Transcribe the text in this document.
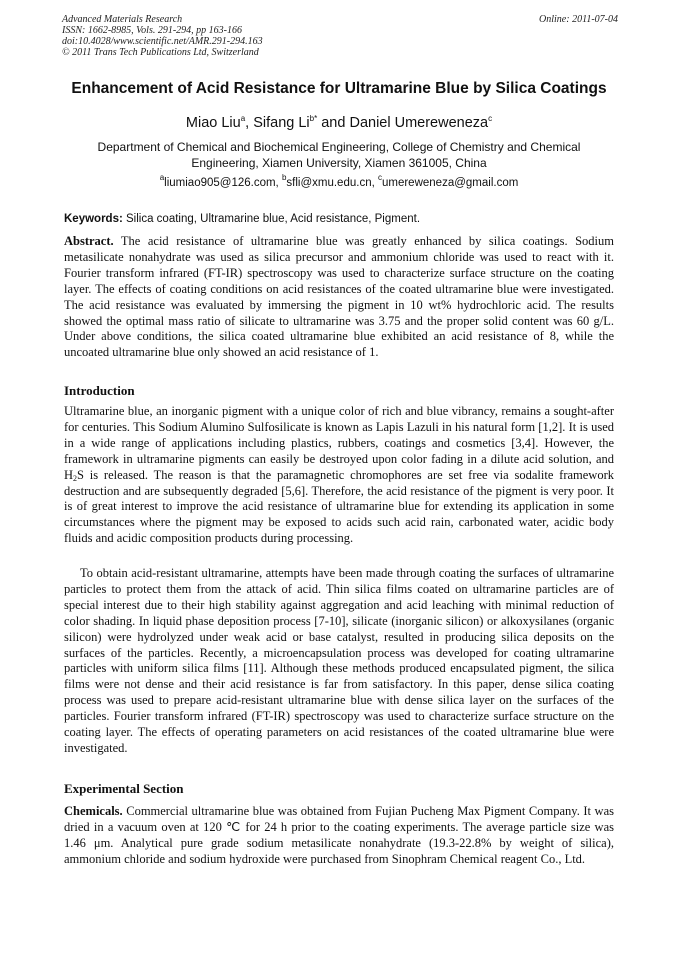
Advanced Materials Research
ISSN: 1662-8985, Vols. 291-294, pp 163-166
doi:10.4028/www.scientific.net/AMR.291-294.163
© 2011 Trans Tech Publications Ltd, Switzerland
Online: 2011-07-04
Enhancement of Acid Resistance for Ultramarine Blue by Silica Coatings
Miao Liu$^a$, Sifang $Li^{b*}$ and Daniel Umereweneza$^c$
Department of Chemical and Biochemical Engineering, College of Chemistry and Chemical
Engineering, Xiamen University, Xiamen 361005, China
$^a$liumiao905@126.com, $^b$sfli@xmu.edu.cn, $^c$umereweneza@gmail.com
Keywords: Silica coating, Ultramarine blue, Acid resistance, Pigment.
Abstract. The acid resistance of ultramarine blue was greatly enhanced by silica coatings. Sodium metasilicate nonahydrate was used as silica precursor and ammonium chloride was used to react with it. Fourier transform infrared (FT-IR) spectroscopy was used to characterize surface structure on the coating layer. The effects of coating conditions on acid resistances of the coated ultramarine blue were investigated. The acid resistance was evaluated by immersing the pigment in 10 wt% hydrochloric acid. The results showed the optimal mass ratio of silicate to ultramarine was 3.75 and the proper solid content was 60 g/L. Under above conditions, the silica coated ultramarine blue exhibited an acid resistance of 8, while the uncoated ultramarine blue only showed an acid resistance of 1.
Introduction
Ultramarine blue, an inorganic pigment with a unique color of rich and blue vibrancy, remains a sought-after for centuries. This Sodium Alumino Sulfosilicate is known as Lapis Lazuli in his natural form [1,2]. It is used in a wide range of applications including plastics, rubbers, coatings and cosmetics [3,4]. However, the framework in ultramarine pigments can easily be destroyed upon color fading in a dilute acid solution, and $H_2S$ is released. The reason is that the paramagnetic chromophores are set free via sodalite framework destruction and are subsequently degraded [5,6]. Therefore, the acid resistance of the pigment is very poor. It is of great interest to improve the acid resistance of ultramarine blue for extending its application in some circumstances where the pigment may be exposed to acids such acid rain, carbonated water, acidic body fluids and acidic composition products during processing.
To obtain acid-resistant ultramarine, attempts have been made through coating the surfaces of ultramarine particles to protect them from the attack of acid. Thin silica films coated on ultramarine particles are of special interest due to their high stability against aggregation and acid leaching with minimal reduction of color shading. In liquid phase deposition process [7-10], silicate (inorganic silicon) or alkoxysilanes (organic silicon) were hydrolyzed under weak acid or base catalyst, resulted in producing silica deposits on the surfaces of the particles. Recently, a microencapsulation process was developed for coating ultramarine particles with uniform silica films [11]. Although these methods produced encapsulated pigment, the silica films were not dense and their acid resistance is far from satisfactory. In this paper, dense silica coating process was used to prepare acid-resistant ultramarine blue with dense silica layer on the surfaces of the particles. Fourier transform infrared (FT-IR) spectroscopy was used to characterize surface structure on the coating layer. The effects of operating parameters on acid resistances of the coated ultramarine blue were investigated.
Experimental Section
Chemicals. Commercial ultramarine blue was obtained from Fujian Pucheng Max Pigment Company. It was dried in a vacuum oven at 120 ℃ for 24 h prior to the coating experiments. The average particle size was 1.46 μm. Analytical pure grade sodium metasilicate nonahydrate (19.3-22.8% by weight of silica), ammonium chloride and sodium hydroxide were purchased from Sinophram Chemical reagent Co., Ltd.
